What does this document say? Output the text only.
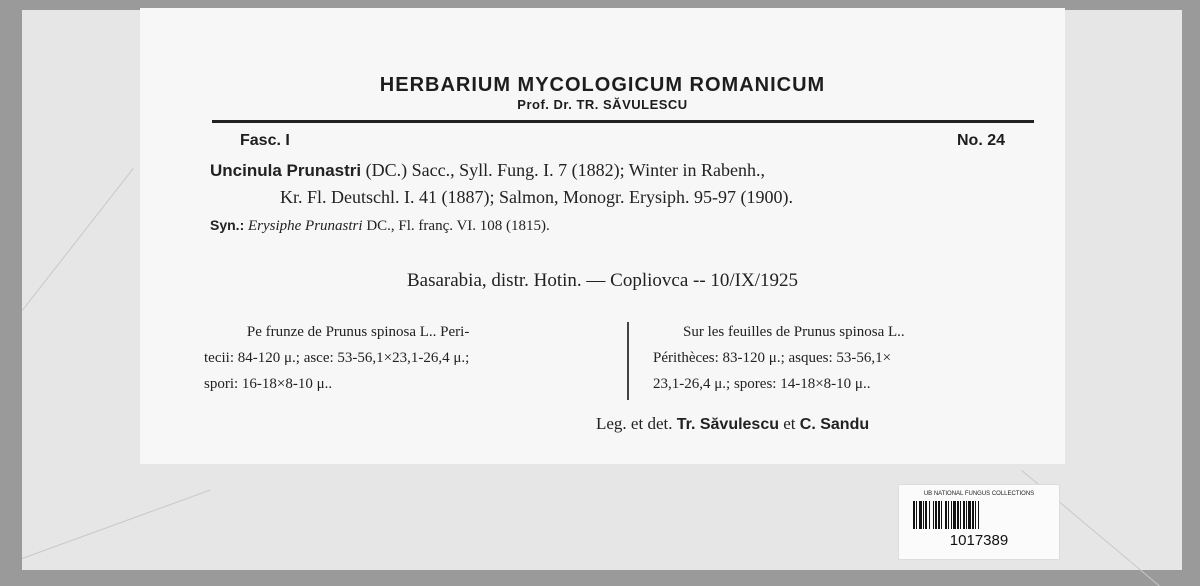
HERBARIUM MYCOLOGICUM ROMANICUM
Prof. Dr. TR. SĂVULESCU
Fasc. I	No. 24
Uncinula Prunastri (DC.) Sacc., Syll. Fung. I. 7 (1882); Winter in Rabenh.,
Kr. Fl. Deutschl. I. 41 (1887); Salmon, Monogr. Erysiph. 95-97 (1900).
Syn.: Erysiphe Prunastri DC., Fl. franç. VI. 108 (1815).
Basarabia, distr. Hotin. — Copliovca -- 10/IX/1925
Pe frunze de Prunus spinosa L.. Peri-
tecii: 84-120 μ.; asce: 53-56,1×23,1-26,4 μ.;
spori: 16-18×8-10 μ..
Sur les feuilles de Prunus spinosa L..
Périthèces: 83-120 μ.; asques: 53-56,1×
23,1-26,4 μ.; spores: 14-18×8-10 μ..
Leg. et det. Tr. Săvulescu et C. Sandu
UB NATIONAL FUNGUS COLLECTIONS
1017389
